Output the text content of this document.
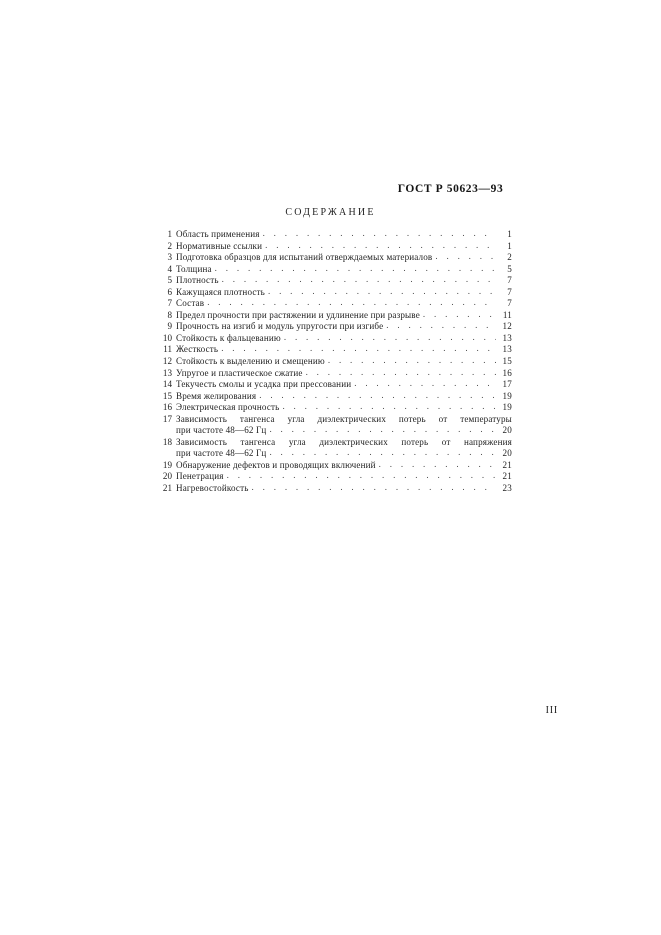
ГОСТ Р 50623—93
СОДЕРЖАНИЕ
1 Область применения . . .	1
2 Нормативные ссылки . . .	1
3 Подготовка образцов для испытаний отверждаемых материалов . . .	2
4 Толщина . . .	5
5 Плотность . . .	7
6 Кажущаяся плотность . . .	7
7 Состав . . .	7
8 Предел прочности при растяжении и удлинение при разрыве . . .	11
9 Прочность на изгиб и модуль упругости при изгибе . . .	12
10 Стойкость к фальцеванию . . .	13
11 Жесткость . . .	13
12 Стойкость к выделению и смещению . . .	15
13 Упругое и пластическое сжатие . . .	16
14 Текучесть смолы и усадка при прессовании . . .	17
15 Время желирования . . .	19
16 Электрическая прочность . . .	19
17 Зависимость тангенса угла диэлектрических потерь от температуры
при частоте 48—62 Гц . . .	20
18 Зависимость тангенса угла диэлектрических потерь от напряжения
при частоте 48—62 Гц . . .	20
19 Обнаружение дефектов и проводящих включений . . .	21
20 Пенетрация . . .	21
21 Нагревостойкость . . .	23
III
